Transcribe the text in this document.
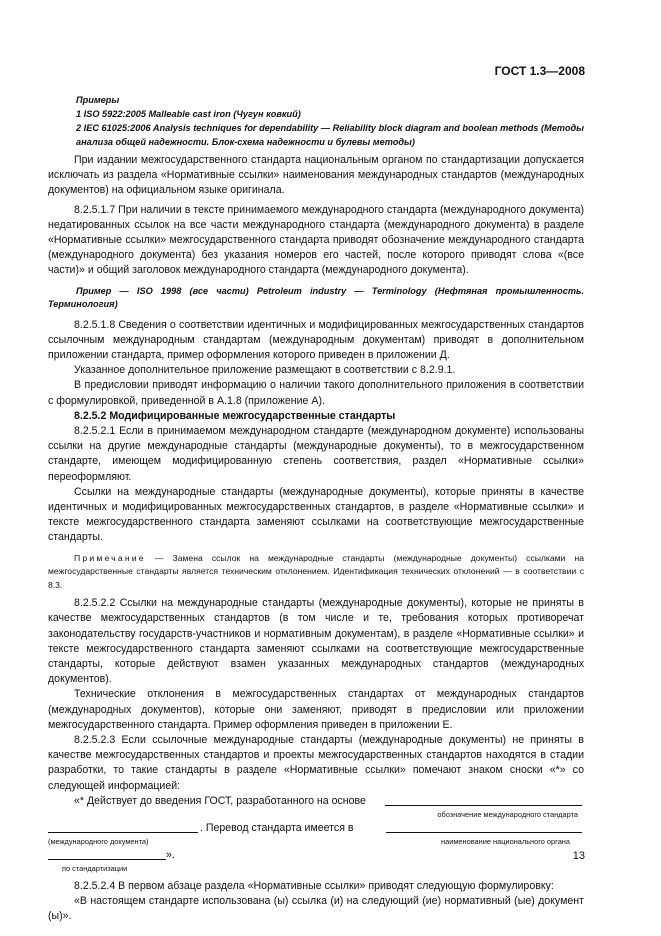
ГОСТ 1.3—2008

Примеры

1 ISO 5922:2005 Malleable cast iron (Чугун ковкий)

2 IEC 61025:2006 Analysis techniques for dependability — Reliability block diagram and boolean methods (Методы анализа общей надежности. Блок-схема надежности и булевы методы)

При издании межгосударственного стандарта национальным органом по стандартизации допускается исключать из раздела «Нормативные ссылки» наименования международных стандартов (международных документов) на официальном языке оригинала.

8.2.5.1.7 При наличии в тексте принимаемого международного стандарта (международного документа) недатированных ссылок на все части международного стандарта (международного документа) в разделе «Нормативные ссылки» межгосударственного стандарта приводят обозначение международного стандарта (международного документа) без указания номеров его частей, после которого приводят слова «(все части)» и общий заголовок международного стандарта (международного документа).

Пример — ISO 1998 (все части) Petroleum industry — Terminology (Нефтяная промышленность. Терминология)

8.2.5.1.8 Сведения о соответствии идентичных и модифицированных межгосударственных стандартов ссылочным международным стандартам (международным документам) приводят в дополнительном приложении стандарта, пример оформления которого приведен в приложении Д.

Указанное дополнительное приложение размещают в соответствии с 8.2.9.1.

В предисловии приводят информацию о наличии такого дополнительного приложения в соответствии с формулировкой, приведенной в А.1.8 (приложение А).

8.2.5.2 Модифицированные межгосударственные стандарты

8.2.5.2.1 Если в принимаемом международном стандарте (международном документе) использованы ссылки на другие международные стандарты (международные документы), то в межгосударственном стандарте, имеющем модифицированную степень соответствия, раздел «Нормативные ссылки» переоформляют.

Ссылки на международные стандарты (международные документы), которые приняты в качестве идентичных и модифицированных межгосударственных стандартов, в разделе «Нормативные ссылки» и тексте межгосударственного стандарта заменяют ссылками на соответствующие межгосударственные стандарты.

Примечание — Замена ссылок на международные стандарты (международные документы) ссылками на межгосударственные стандарты является техническим отклонением. Идентификация технических отклонений — в соответствии с 8.3.

8.2.5.2.2 Ссылки на международные стандарты (международные документы), которые не приняты в качестве межгосударственных стандартов (в том числе и те, требования которых противоречат законодательству государств-участников и нормативным документам), в разделе «Нормативные ссылки» и тексте межгосударственного стандарта заменяют ссылками на соответствующие межгосударственные стандарты, которые действуют взамен указанных международных стандартов (международных документов).

Технические отклонения в межгосударственных стандартах от международных стандартов (международных документов), которые они заменяют, приводят в предисловии или приложении межгосударственного стандарта. Пример оформления приведен в приложении Е.

8.2.5.2.3 Если ссылочные международные стандарты (международные документы) не приняты в качестве межгосударственных стандартов и проекты межгосударственных стандартов находятся в стадии разработки, то такие стандарты в разделе «Нормативные ссылки» помечают знаком сноски «*» со следующей информацией:

«* Действует до введения ГОСТ, разработанного на основе
обозначение международного стандарта
. Перевод стандарта имеется в
(международного документа)	наименование национального органа
».
по стандартизации

8.2.5.2.4 В первом абзаце раздела «Нормативные ссылки» приводят следующую формулировку:

«В настоящем стандарте использована (ы) ссылка (и) на следующий (ие) нормативный (ые) документ (ы)».

13
